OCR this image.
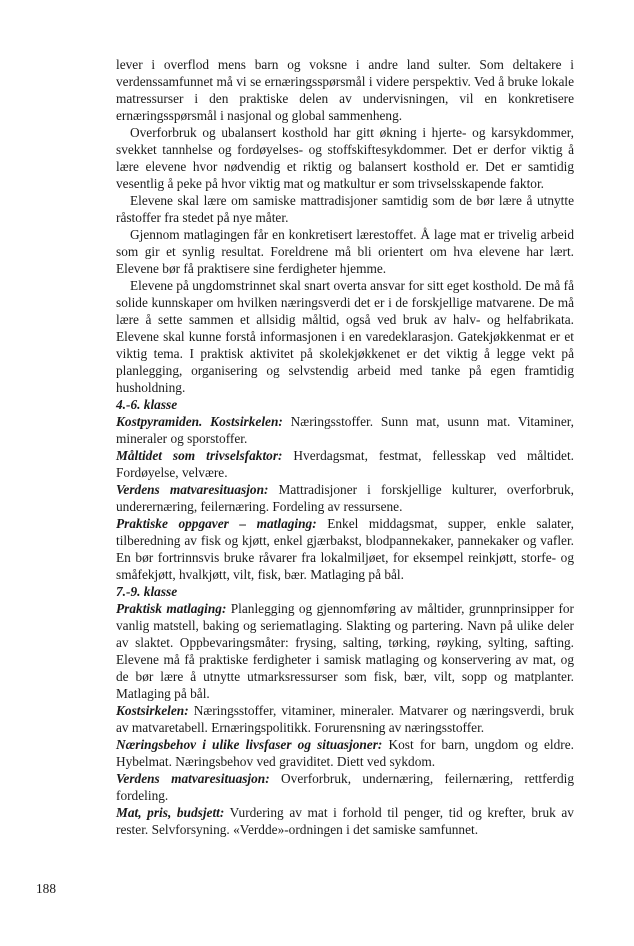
lever i overflod mens barn og voksne i andre land sulter. Som deltakere i verdenssamfunnet må vi se ernæringsspørsmål i videre perspektiv. Ved å bruke lokale matressurser i den praktiske delen av undervisningen, vil en konkretisere ernæringsspørsmål i nasjonal og global sammenheng.

Overforbruk og ubalansert kosthold har gitt økning i hjerte- og karsykdommer, svekket tannhelse og fordøyelses- og stoffskiftesykdommer. Det er derfor viktig å lære elevene hvor nødvendig et riktig og balansert kosthold er. Det er samtidig vesentlig å peke på hvor viktig mat og matkultur er som trivselsskapende faktor.

Elevene skal lære om samiske mattradisjoner samtidig som de bør lære å utnytte råstoffer fra stedet på nye måter.

Gjennom matlagingen får en konkretisert lærestoffet. Å lage mat er trivelig arbeid som gir et synlig resultat. Foreldrene må bli orientert om hva elevene har lært. Elevene bør få praktisere sine ferdigheter hjemme.

Elevene på ungdomstrinnet skal snart overta ansvar for sitt eget kosthold. De må få solide kunnskaper om hvilken næringsverdi det er i de forskjellige matvarene. De må lære å sette sammen et allsidig måltid, også ved bruk av halv- og helfabrikata. Elevene skal kunne forstå informasjonen i en varedeklarasjon. Gatekjøkkenmat er et viktig tema. I praktisk aktivitet på skolekjøkkenet er det viktig å legge vekt på planlegging, organisering og selvstendig arbeid med tanke på egen framtidig husholdning.

4.-6. klasse

Kostpyramiden. Kostsirkelen: Næringsstoffer. Sunn mat, usunn mat. Vitaminer, mineraler og sporstoffer.

Måltidet som trivselsfaktor: Hverdagsmat, festmat, fellesskap ved måltidet. Fordøyelse, velvære.

Verdens matvaresituasjon: Mattradisjoner i forskjellige kulturer, overforbruk, underernæring, feilernæring. Fordeling av ressursene.

Praktiske oppgaver – matlaging: Enkel middagsmat, supper, enkle salater, tilberedning av fisk og kjøtt, enkel gjærbakst, blodpannekaker, pannekaker og vafler. En bør fortrinnsvis bruke råvarer fra lokalmiljøet, for eksempel reinkjøtt, storfe- og småfekjøtt, hvalkjøtt, vilt, fisk, bær. Matlaging på bål.

7.-9. klasse

Praktisk matlaging: Planlegging og gjennomføring av måltider, grunnprinsipper for vanlig matstell, baking og seriematlaging. Slakting og partering. Navn på ulike deler av slaktet. Oppbevaringsmåter: frysing, salting, tørking, røyking, sylting, safting. Elevene må få praktiske ferdigheter i samisk matlaging og konservering av mat, og de bør lære å utnytte utmarksressurser som fisk, bær, vilt, sopp og matplanter. Matlaging på bål.

Kostsirkelen: Næringsstoffer, vitaminer, mineraler. Matvarer og næringsverdi, bruk av matvaretabell. Ernæringspolitikk. Forurensning av næringsstoffer.

Næringsbehov i ulike livsfaser og situasjoner: Kost for barn, ungdom og eldre. Hybelmat. Næringsbehov ved graviditet. Diett ved sykdom.

Verdens matvaresituasjon: Overforbruk, undernæring, feilernæring, rettferdig fordeling.

Mat, pris, budsjett: Vurdering av mat i forhold til penger, tid og krefter, bruk av rester. Selvforsyning. «Verdde»-ordningen i det samiske samfunnet.

188
